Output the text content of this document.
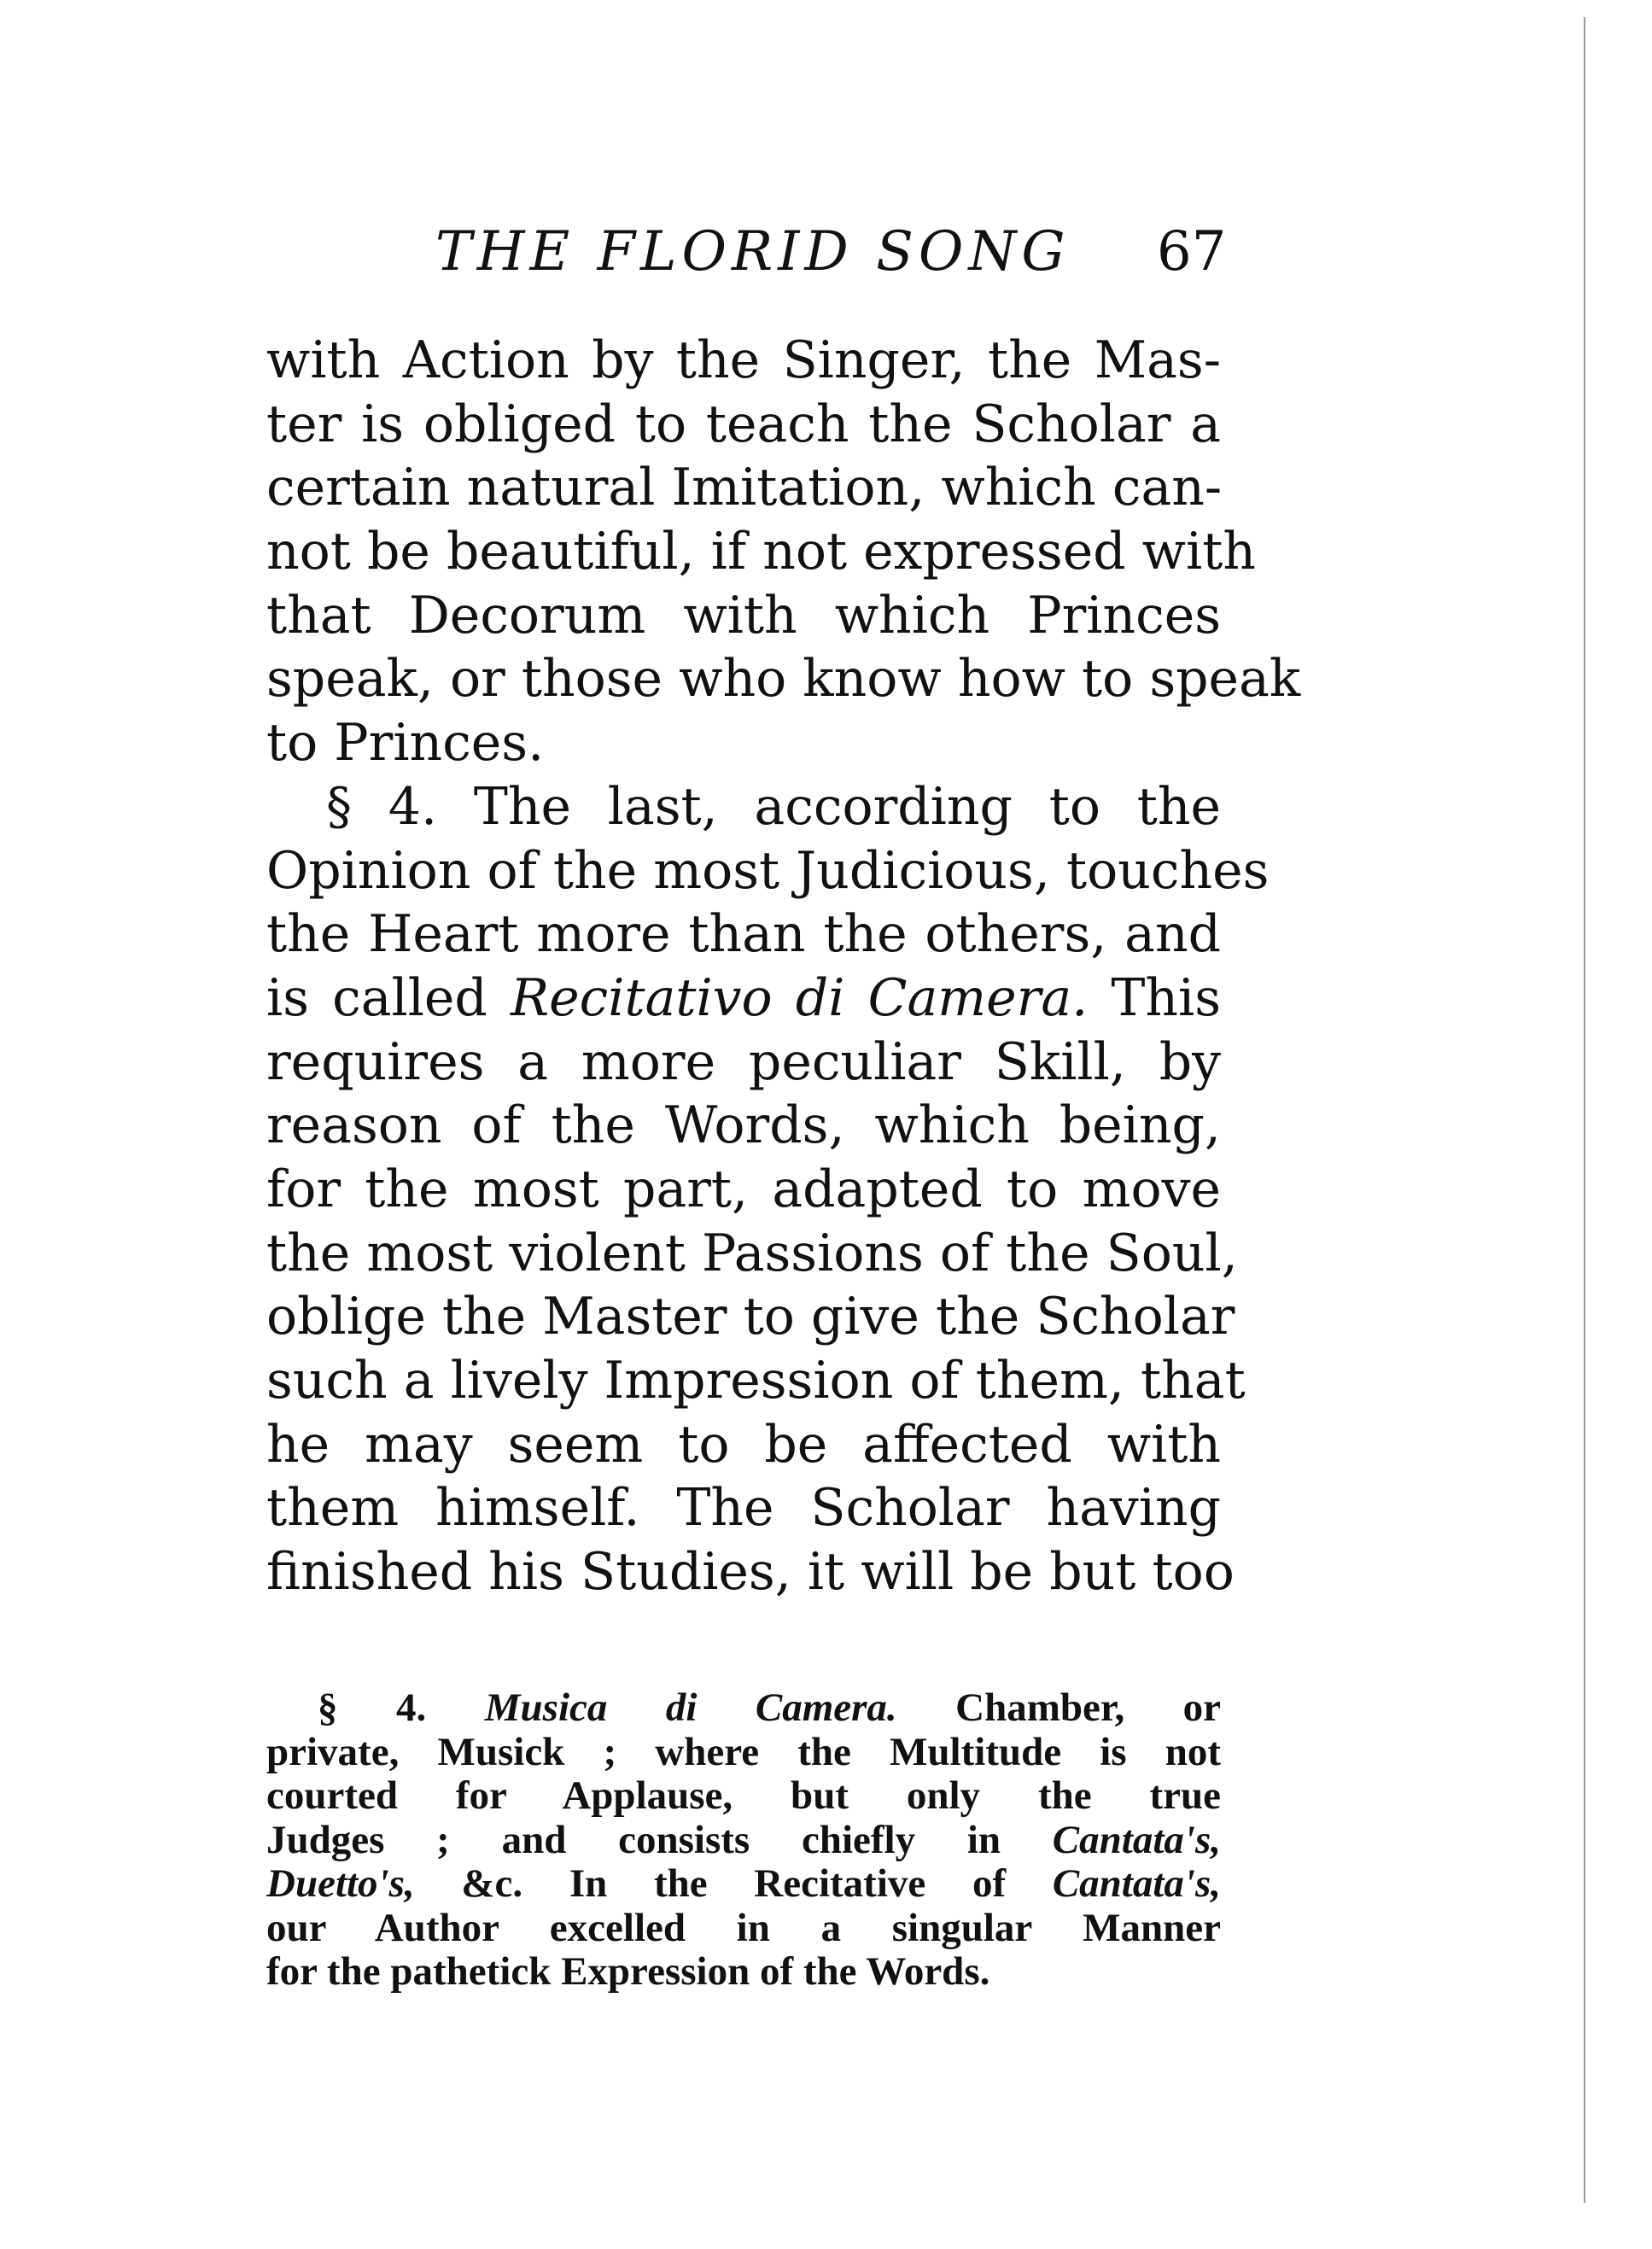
THE FLORID SONG 67
with Action by the Singer, the Mas-
ter is obliged to teach the Scholar a
certain natural Imitation, which can-
not be beautiful, if not expressed with
that Decorum with which Princes
speak, or those who know how to speak
to Princes.
§ 4. The last, according to the
Opinion of the most Judicious, touches
the Heart more than the others, and
is called Recitativo di Camera. This
requires a more peculiar Skill, by
reason of the Words, which being,
for the most part, adapted to move
the most violent Passions of the Soul,
oblige the Master to give the Scholar
such a lively Impression of them, that
he may seem to be affected with
them himself. The Scholar having
finished his Studies, it will be but too
§ 4. Musica di Camera. Chamber, or
private, Musick ; where the Multitude is not
courted for Applause, but only the true
Judges ; and consists chiefly in Cantata's,
Duetto's, &c. In the Recitative of Cantata's,
our Author excelled in a singular Manner
for the pathetick Expression of the Words.
